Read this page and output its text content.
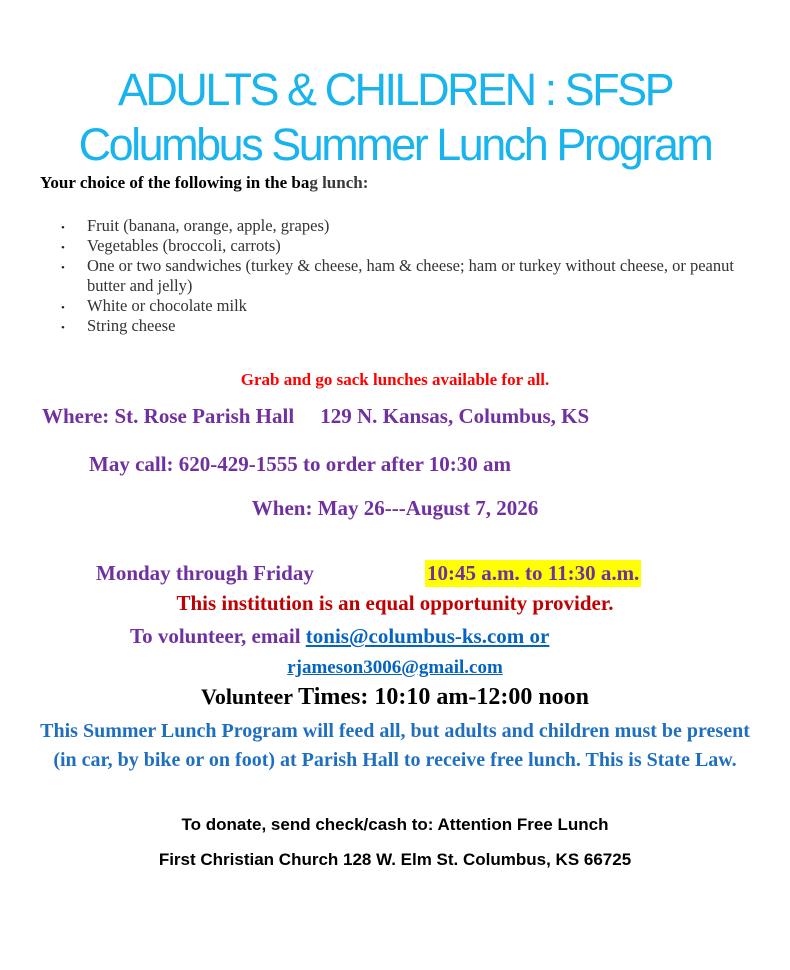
ADULTS & CHILDREN : SFSP
Columbus Summer Lunch Program
Your choice of the following in the bag lunch:
• Fruit (banana, orange, apple, grapes)
• Vegetables (broccoli, carrots)
• One or two sandwiches (turkey & cheese, ham & cheese; ham or turkey without cheese, or peanut butter and jelly)
• White or chocolate milk
• String cheese
Grab and go sack lunches available for all.
Where: St. Rose Parish Hall 129 N. Kansas, Columbus, KS
May call: 620-429-1555 to order after 10:30 am
When: May 26---August 7, 2026
Monday through Friday	10:45 a.m. to 11:30 a.m.
This institution is an equal opportunity provider.
To volunteer, email tonis@columbus-ks.com or
rjameson3006@gmail.com
Volunteer Times: 10:10 am-12:00 noon
This Summer Lunch Program will feed all, but adults and children must be present (in car, by bike or on foot) at Parish Hall to receive free lunch. This is State Law.
To donate, send check/cash to: Attention Free Lunch
First Christian Church 128 W. Elm St. Columbus, KS 66725
